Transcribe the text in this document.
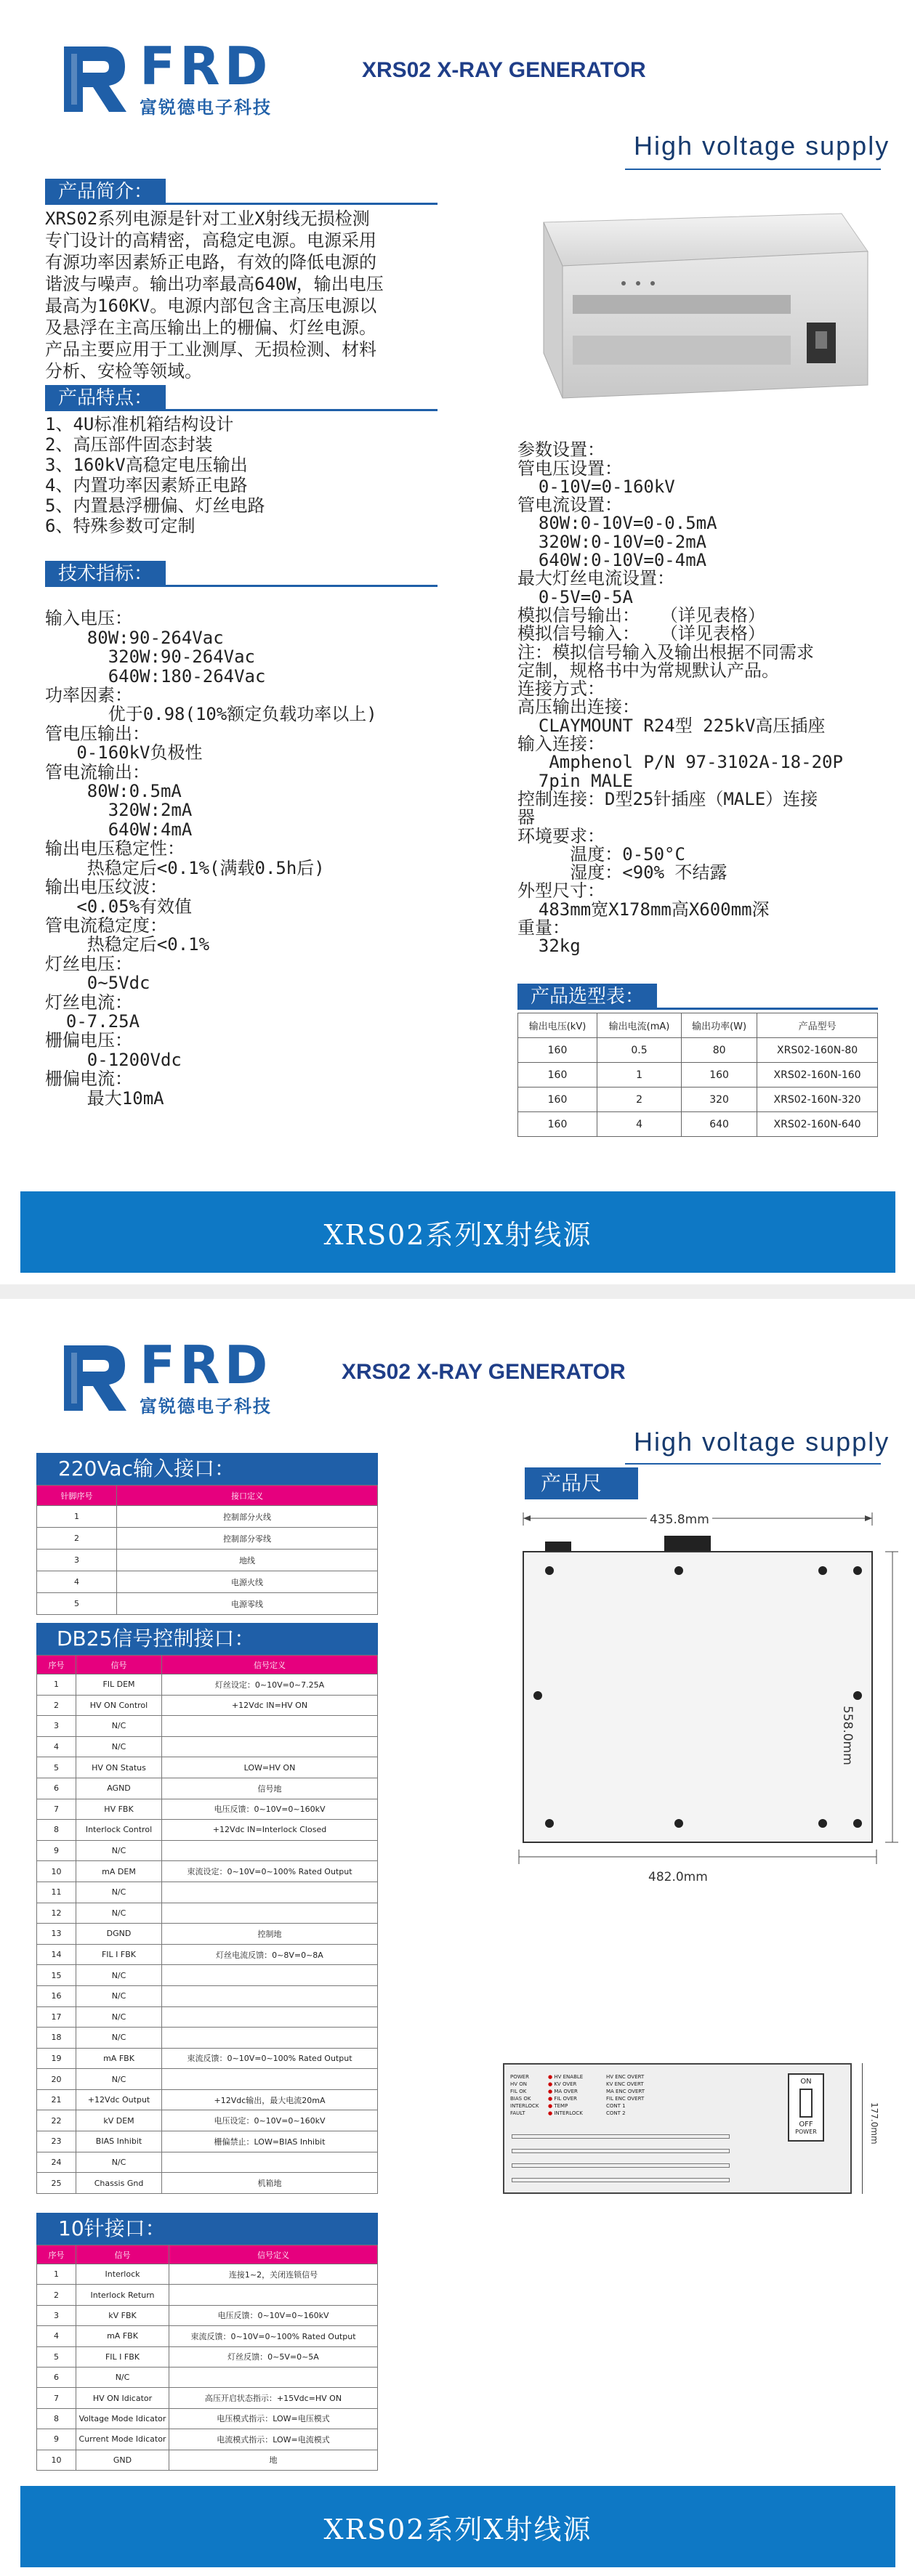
FRD
富锐德电子科技
XRS02 X-RAY GENERATOR
High voltage supply
产品简介：
XRS02系列电源是针对工业X射线无损检测
专门设计的高精密，高稳定电源。电源采用
有源功率因素矫正电路，有效的降低电源的
谐波与噪声。输出功率最高640W，输出电压
最高为160KV。电源内部包含主高压电源以
及悬浮在主高压输出上的栅偏、灯丝电源。
产品主要应用于工业测厚、无损检测、材料
分析、安检等领域。
产品特点：
1、4U标准机箱结构设计
2、高压部件固态封装
3、160kV高稳定电压输出
4、内置功率因素矫正电路
5、内置悬浮栅偏、灯丝电路
6、特殊参数可定制
技术指标：

输入电压：
80W:90-264Vac
320W:90-264Vac
640W:180-264Vac
功率因素：
优于0.98(10%额定负载功率以上)
管电压输出：
0-160kV负极性
管电流输出：
80W:0.5mA
320W:2mA
640W:4mA
输出电压稳定性：
热稳定后<0.1%(满载0.5h后)
输出电压纹波：
<0.05%有效值
管电流稳定度：
热稳定后<0.1%
灯丝电压：
0~5Vdc
灯丝电流：
0-7.25A
栅偏电压：
0-1200Vdc
栅偏电流：
最大10mA

参数设置：
管电压设置：
0-10V=0-160kV
管电流设置：
80W:0-10V=0-0.5mA
320W:0-10V=0-2mA
640W:0-10V=0-4mA
最大灯丝电流设置：
0-5V=0-5A
模拟信号输出：  （详见表格）
模拟信号输入：  （详见表格）
注：模拟信号输入及输出根据不同需求
定制，规格书中为常规默认产品。
连接方式：
高压输出连接：
CLAYMOUNT R24型 225kV高压插座
输入连接：
Amphenol P/N 97-3102A-18-20P
7pin MALE
控制连接：D型25针插座（MALE）连接
器
环境要求：
温度：0-50°C
湿度：<90% 不结露
外型尺寸：
483mm宽X178mm高X600mm深
重量：
32kg

产品选型表：
输出电压(kV)	输出电流(mA)	输出功率(W)	产品型号
160	0.5	80	XRS02-160N-80
160	1	160	XRS02-160N-160
160	2	320	XRS02-160N-320
160	4	640	XRS02-160N-640
XRS02系列X射线源
FRD
富锐德电子科技
XRS02 X-RAY GENERATOR
High voltage supply
220Vac输入接口：
针脚序号	接口定义
1	控制部分火线
2	控制部分零线
3	地线
4	电源火线
5	电源零线
DB25信号控制接口：
序号	信号	信号定义
1	FIL DEM	灯丝设定：0~10V=0~7.25A
2	HV ON Control	+12Vdc IN=HV ON
3	N/C	
4	N/C	
5	HV ON Status	LOW=HV ON
6	AGND	信号地
7	HV FBK	电压反馈：0~10V=0~160kV
8	Interlock Control	+12Vdc IN=Interlock Closed
9	N/C	
10	mA DEM	束流设定：0~10V=0~100% Rated Output
11	N/C	
12	N/C	
13	DGND	控制地
14	FIL I FBK	灯丝电流反馈：0~8V=0~8A
15	N/C	
16	N/C	
17	N/C	
18	N/C	
19	mA FBK	束流反馈：0~10V=0~100% Rated Output
20	N/C	
21	+12Vdc Output	+12Vdc输出，最大电流20mA
22	kV DEM	电压设定：0~10V=0~160kV
23	BIAS Inhibit	栅偏禁止：LOW=BIAS Inhibit
24	N/C	
25	Chassis Gnd	机箱地
10针接口：
序号	信号	信号定义
1	Interlock	连接1~2，关闭连锁信号
2	Interlock Return	
3	kV FBK	电压反馈：0~10V=0~160kV
4	mA FBK	束流反馈：0~10V=0~100% Rated Output
5	FIL I FBK	灯丝反馈：0~5V=0~5A
6	N/C	
7	HV ON Idicator	高压开启状态指示：+15Vdc=HV ON
8	Voltage Mode Idicator	电压模式指示：LOW=电压模式
9	Current Mode Idicator	电流模式指示：LOW=电流模式
10	GND	地
产品尺寸：	435.8mm
558.0mm
482.0mm
POWER
HV ON
FIL OK
BIAS OK
INTERLOCK
FAULT
● HV ENABLE
● KV OVER
● MA OVER
● FIL OVER
● TEMP
● INTERLOCK
HV ENC OVERT
KV ENC OVERT
MA ENC OVERT
FIL ENC OVERT
CONT 1
CONT 2
ON
OFF
POWER	177.0mm
XRS02系列X射线源
